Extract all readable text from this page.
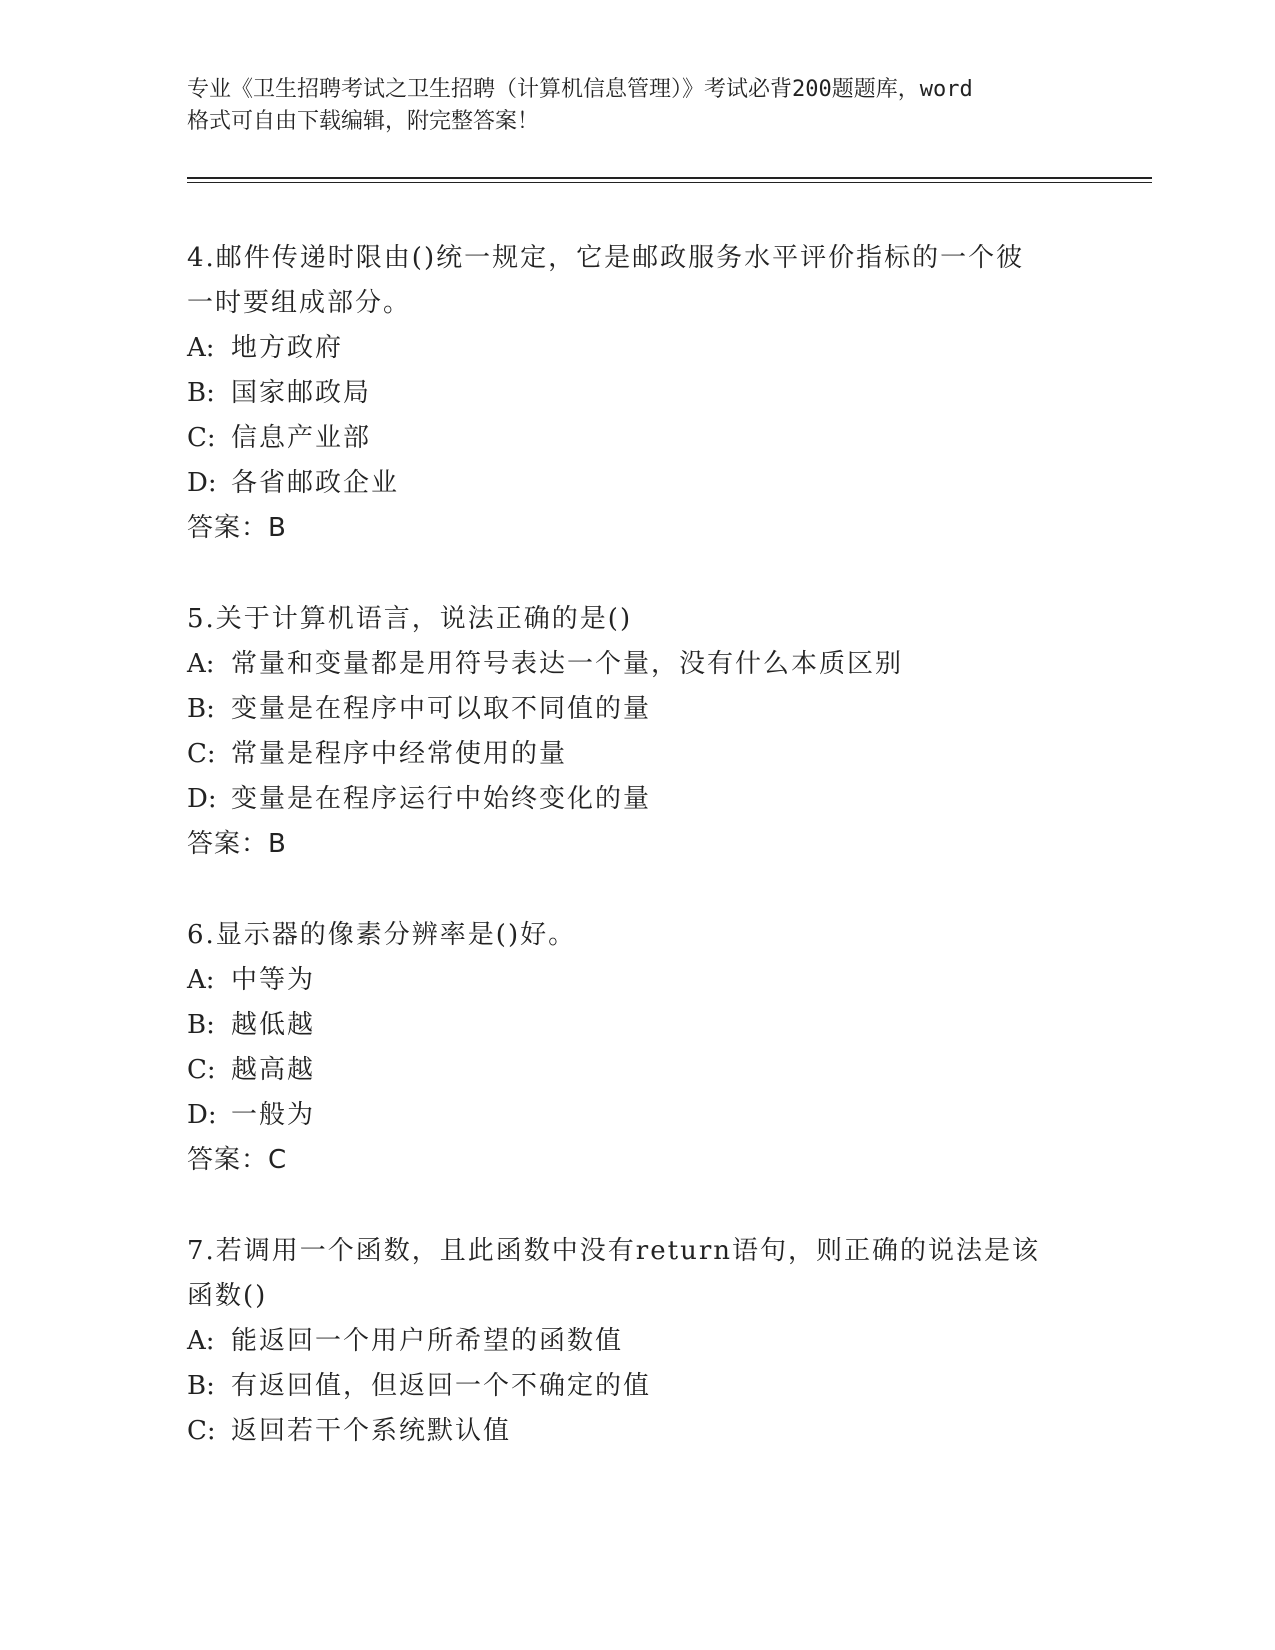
专业《卫生招聘考试之卫生招聘（计算机信息管理）》考试必背200题题库，word
格式可自由下载编辑，附完整答案！
4.邮件传递时限由()统一规定，它是邮政服务水平评价指标的一个彼
一时要组成部分。
A: 地方政府
B: 国家邮政局
C: 信息产业部
D: 各省邮政企业
答案：B
5.关于计算机语言，说法正确的是()
A: 常量和变量都是用符号表达一个量，没有什么本质区别
B: 变量是在程序中可以取不同值的量
C: 常量是程序中经常使用的量
D: 变量是在程序运行中始终变化的量
答案：B
6.显示器的像素分辨率是()好。
A: 中等为
B: 越低越
C: 越高越
D: 一般为
答案：C
7.若调用一个函数，且此函数中没有return语句，则正确的说法是该
函数()
A: 能返回一个用户所希望的函数值
B: 有返回值，但返回一个不确定的值
C: 返回若干个系统默认值
